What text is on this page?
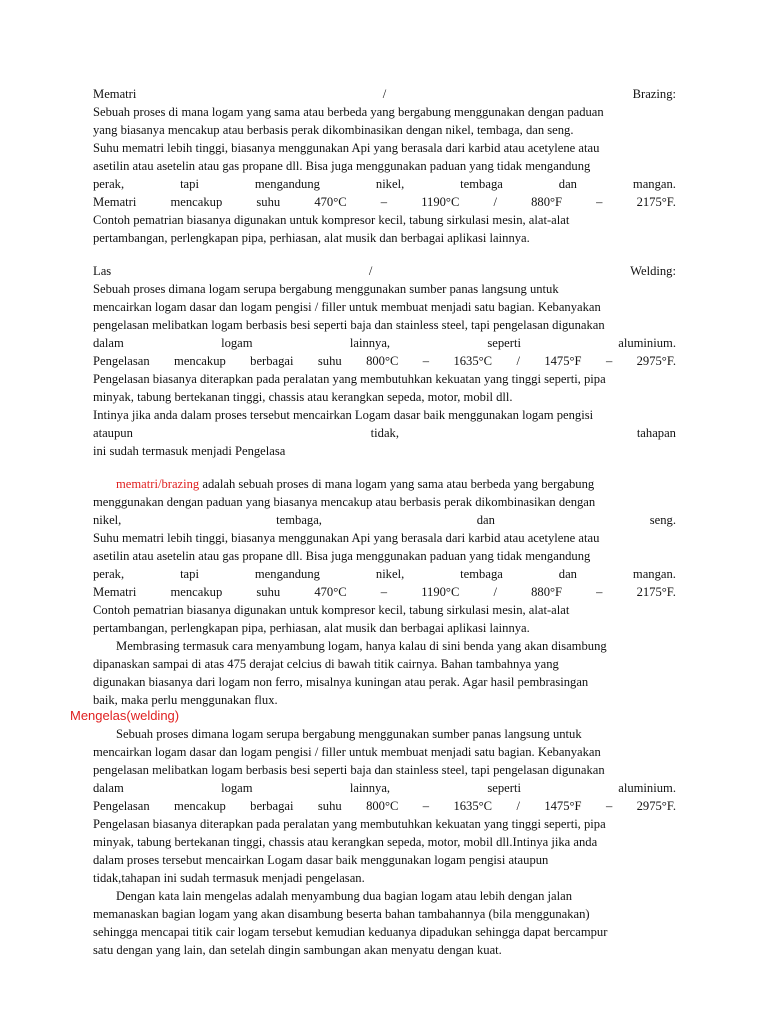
Mematri	/	Brazing:
Sebuah proses di mana logam yang sama atau berbeda yang bergabung menggunakan dengan paduan
yang biasanya mencakup atau berbasis perak dikombinasikan dengan nikel, tembaga, dan seng.
Suhu mematri lebih tinggi, biasanya menggunakan Api yang berasala dari karbid atau acetylene atau
asetilin atau asetelin atau gas propane dll. Bisa juga menggunakan paduan yang tidak mengandung
perak,	tapi	mengandung	nikel,	tembaga	dan	mangan.
Mematri	mencakup	suhu	470°C	–	1190°C	/	880°F	–	2175°F.
Contoh pematrian biasanya digunakan untuk kompresor kecil, tabung sirkulasi mesin, alat-alat
pertambangan, perlengkapan pipa, perhiasan, alat musik dan berbagai aplikasi lainnya.
Las	/	Welding:
Sebuah proses dimana logam serupa bergabung menggunakan sumber panas langsung untuk
mencairkan logam dasar dan logam pengisi / filler untuk membuat menjadi satu bagian. Kebanyakan
pengelasan melibatkan logam berbasis besi seperti baja dan stainless steel, tapi pengelasan digunakan
dalam	logam	lainnya,	seperti	aluminium.
Pengelasan mencakup berbagai suhu 800°C – 1635°C / 1475°F – 2975°F.
Pengelasan biasanya diterapkan pada peralatan yang membutuhkan kekuatan yang tinggi seperti, pipa
minyak, tabung bertekanan tinggi, chassis atau kerangkan sepeda, motor, mobil dll.
Intinya jika anda dalam proses tersebut mencairkan Logam dasar baik menggunakan logam pengisi
ataupun	tidak,	tahapan
ini sudah termasuk menjadi Pengelasa
mematri/brazing adalah sebuah proses di mana logam yang sama atau berbeda yang bergabung
menggunakan dengan paduan yang biasanya mencakup atau berbasis perak dikombinasikan dengan
nikel,	tembaga,	dan	seng.
Suhu mematri lebih tinggi, biasanya menggunakan Api yang berasala dari karbid atau acetylene atau
asetilin atau asetelin atau gas propane dll. Bisa juga menggunakan paduan yang tidak mengandung
perak,	tapi	mengandung	nikel,	tembaga	dan	mangan.
Mematri	mencakup	suhu	470°C	–	1190°C	/	880°F	–	2175°F.
Contoh pematrian biasanya digunakan untuk kompresor kecil, tabung sirkulasi mesin, alat-alat
pertambangan, perlengkapan pipa, perhiasan, alat musik dan berbagai aplikasi lainnya.
Membrasing termasuk cara menyambung logam, hanya kalau di sini benda yang akan disambung
dipanaskan sampai di atas 475 derajat celcius di bawah titik cairnya. Bahan tambahnya yang
digunakan biasanya dari logam non ferro, misalnya kuningan atau perak. Agar hasil pembrasingan
baik, maka perlu menggunakan flux.
Mengelas(welding)
Sebuah proses dimana logam serupa bergabung menggunakan sumber panas langsung untuk
mencairkan logam dasar dan logam pengisi / filler untuk membuat menjadi satu bagian. Kebanyakan
pengelasan melibatkan logam berbasis besi seperti baja dan stainless steel, tapi pengelasan digunakan
dalam	logam	lainnya,	seperti	aluminium.
Pengelasan mencakup berbagai suhu 800°C – 1635°C / 1475°F – 2975°F.
Pengelasan biasanya diterapkan pada peralatan yang membutuhkan kekuatan yang tinggi seperti, pipa
minyak, tabung bertekanan tinggi, chassis atau kerangkan sepeda, motor, mobil dll.Intinya jika anda
dalam proses tersebut mencairkan Logam dasar baik menggunakan logam pengisi ataupun
tidak,tahapan ini sudah termasuk menjadi pengelasan.
Dengan kata lain mengelas adalah menyambung dua bagian logam atau lebih dengan jalan
memanaskan bagian logam yang akan disambung beserta bahan tambahannya (bila menggunakan)
sehingga mencapai titik cair logam tersebut kemudian keduanya dipadukan sehingga dapat bercampur
satu dengan yang lain, dan setelah dingin sambungan akan menyatu dengan kuat.
